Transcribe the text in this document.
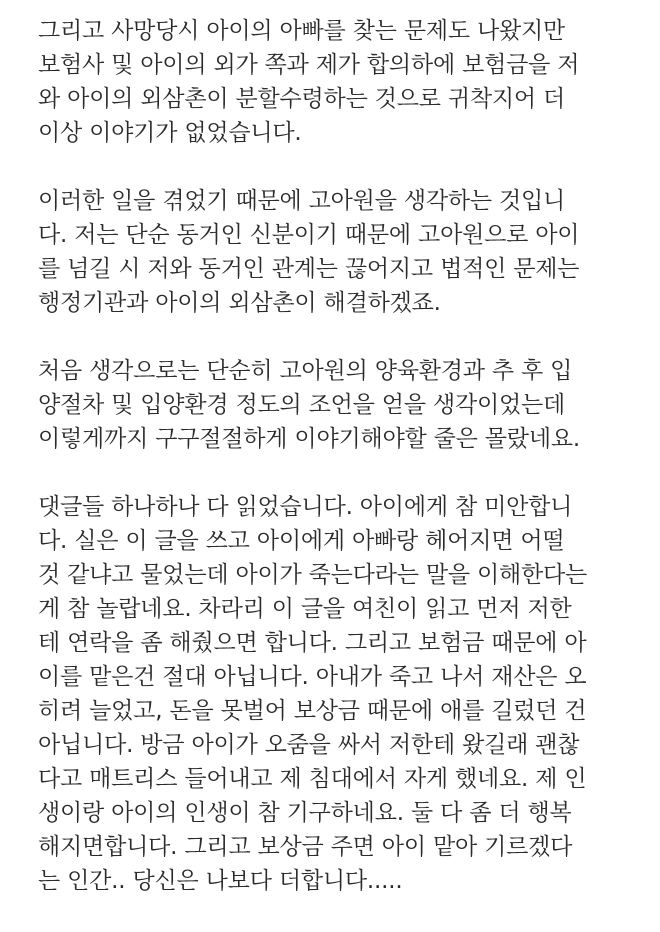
그리고 사망당시 아이의 아빠를 찾는 문제도 나왔지만
보험사 및 아이의 외가 쪽과 제가 합의하에 보험금을 저
와 아이의 외삼촌이 분할수령하는 것으로 귀착지어 더
이상 이야기가 없었습니다.

이러한 일을 겪었기 때문에 고아원을 생각하는 것입니
다. 저는 단순 동거인 신분이기 때문에 고아원으로 아이
를 넘길 시 저와 동거인 관계는 끊어지고 법적인 문제는
행정기관과 아이의 외삼촌이 해결하겠죠.

처음 생각으로는 단순히 고아원의 양육환경과 추 후 입
양절차 및 입양환경 정도의 조언을 얻을 생각이었는데
이렇게까지 구구절절하게 이야기해야할 줄은 몰랐네요.

댓글들 하나하나 다 읽었습니다. 아이에게 참 미안합니
다. 실은 이 글을 쓰고 아이에게 아빠랑 헤어지면 어떨
것 같냐고 물었는데 아이가 죽는다라는 말을 이해한다는
게 참 놀랍네요. 차라리 이 글을 여친이 읽고 먼저 저한
테 연락을 좀 해줬으면 합니다. 그리고 보험금 때문에 아
이를 맡은건 절대 아닙니다. 아내가 죽고 나서 재산은 오
히려 늘었고, 돈을 못벌어 보상금 때문에 애를 길렀던 건
아닙니다. 방금 아이가 오줌을 싸서 저한테 왔길래 괜찮
다고 매트리스 들어내고 제 침대에서 자게 했네요. 제 인
생이랑 아이의 인생이 참 기구하네요. 둘 다 좀 더 행복
해지면합니다. 그리고 보상금 주면 아이 맡아 기르겠다
는 인간.. 당신은 나보다 더합니다.....
